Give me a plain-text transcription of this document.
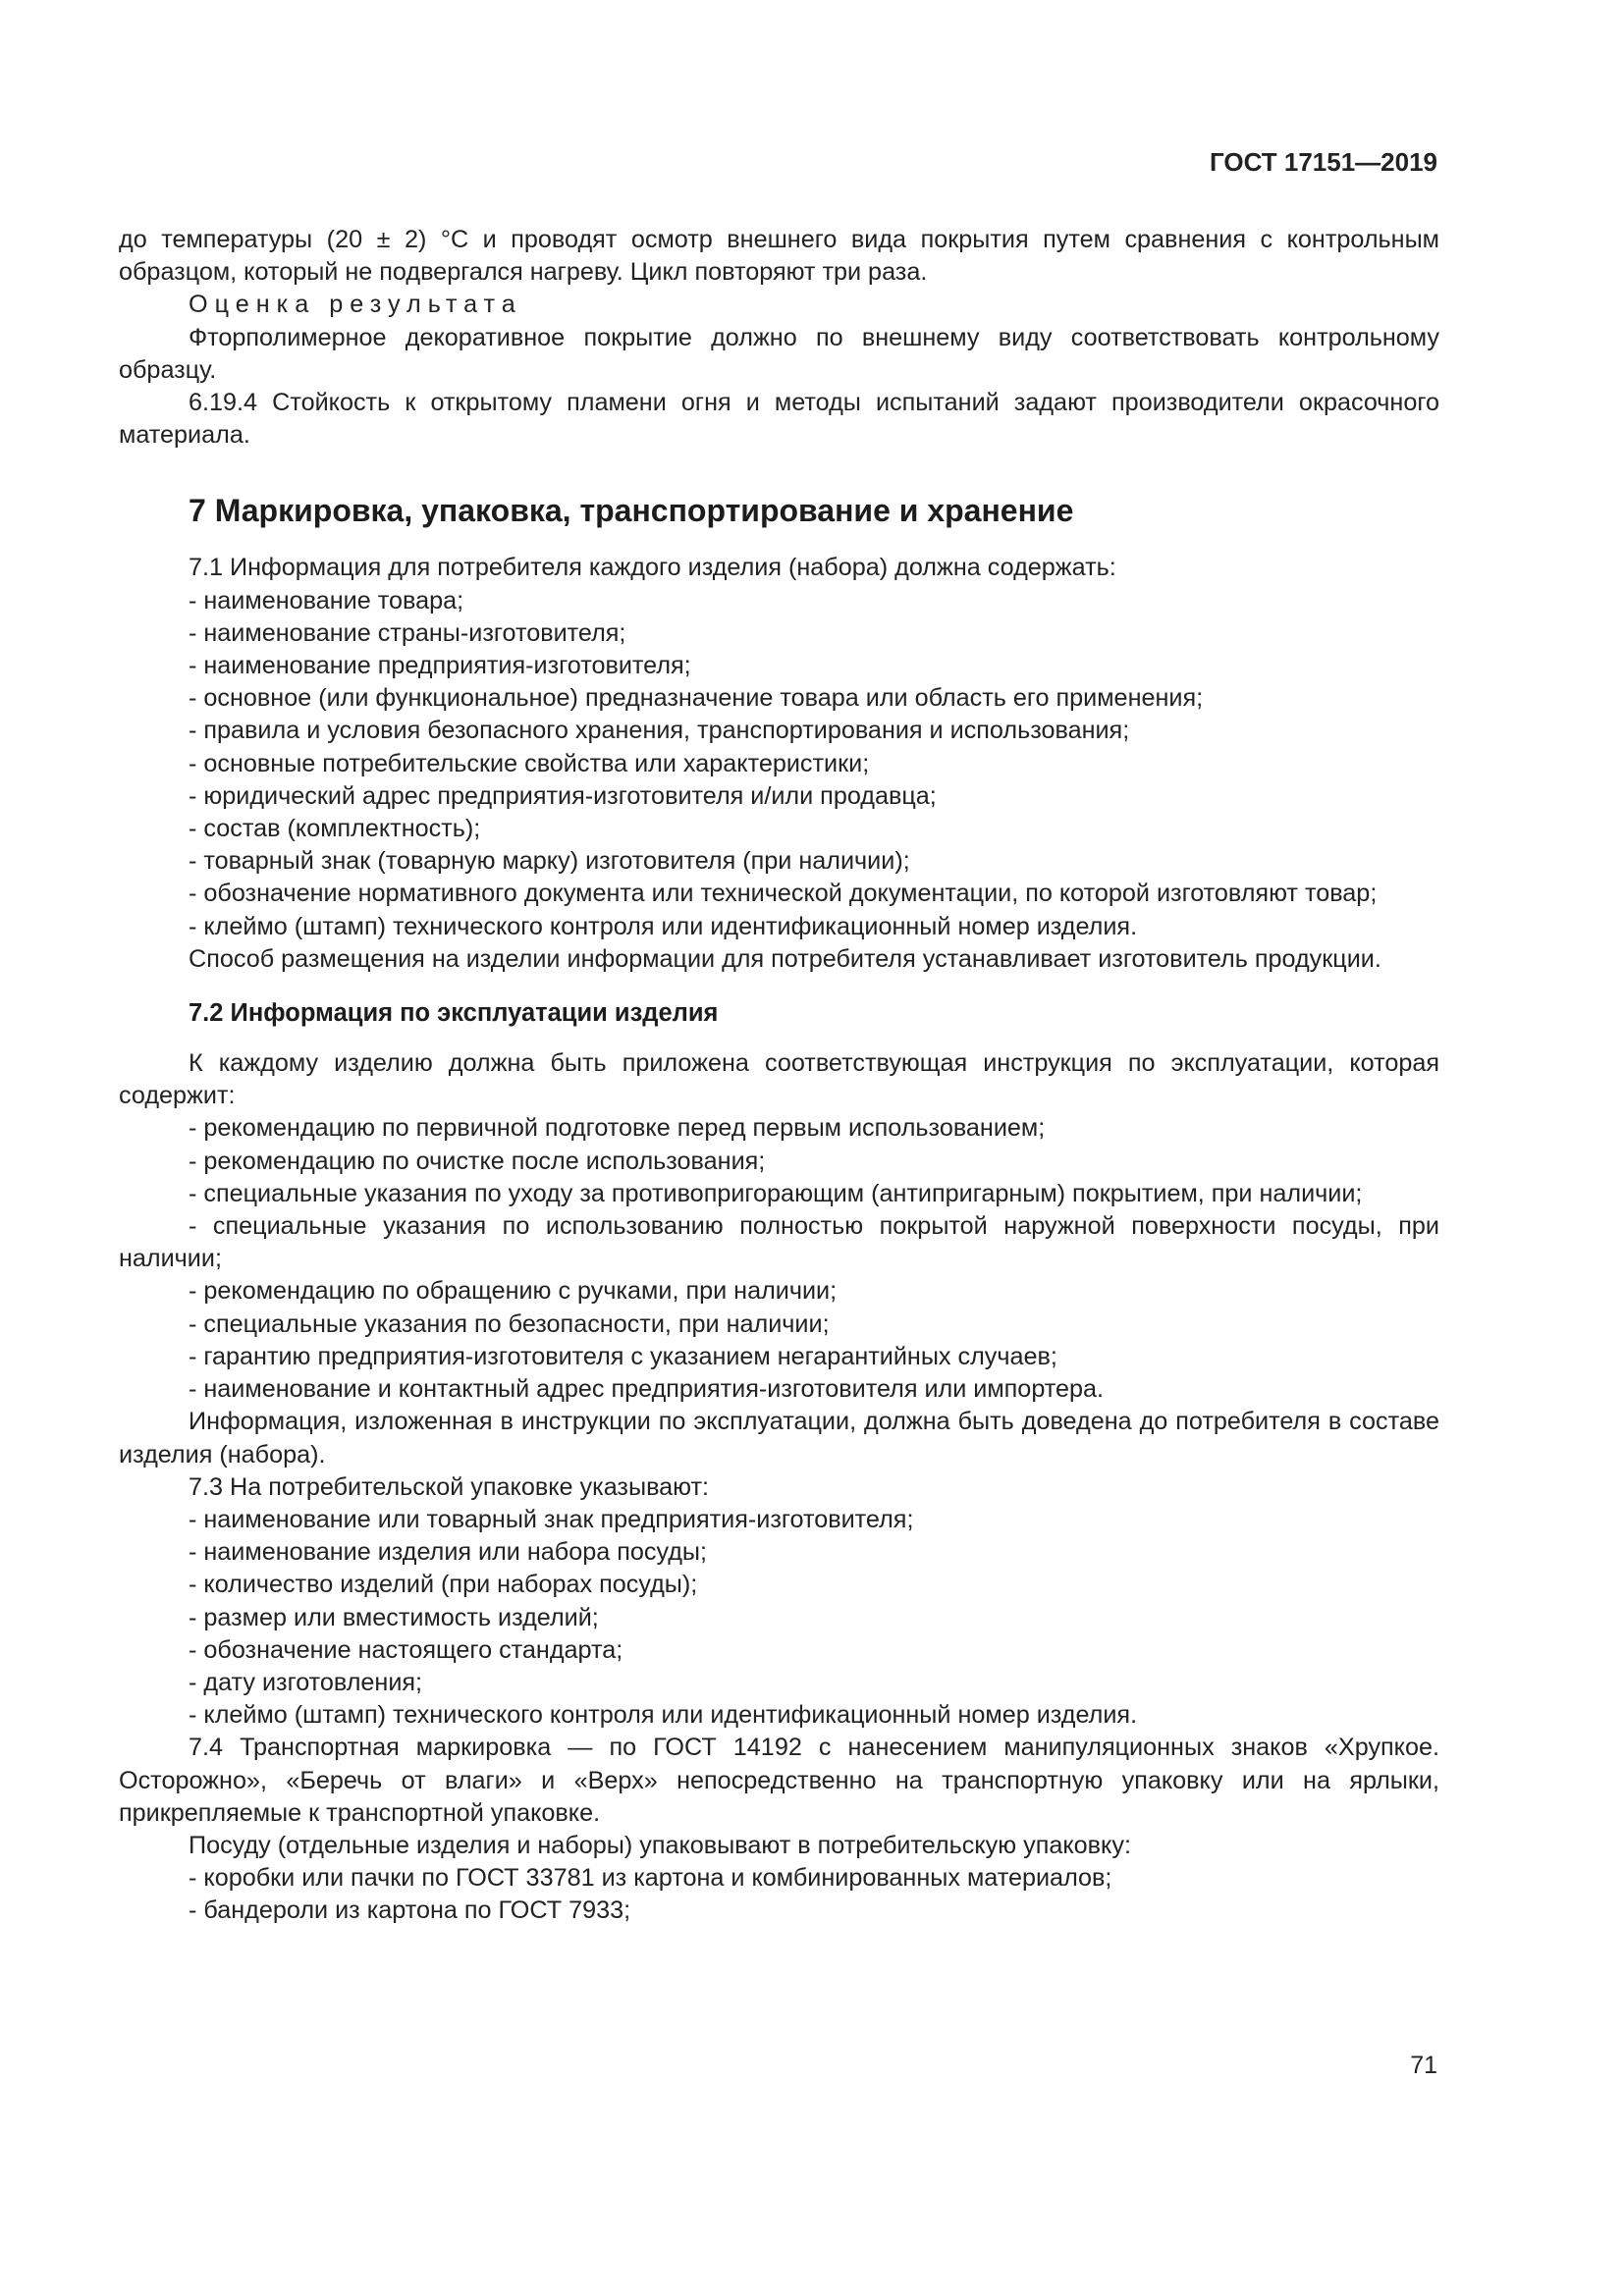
ГОСТ 17151—2019

до температуры (20 ± 2) °С и проводят осмотр внешнего вида покрытия путем сравнения с контрольным образцом, который не подвергался нагреву. Цикл повторяют три раза.

Оценка результата

Фторполимерное декоративное покрытие должно по внешнему виду соответствовать контрольному образцу.

6.19.4 Стойкость к открытому пламени огня и методы испытаний задают производители окрасочного материала.

7 Маркировка, упаковка, транспортирование и хранение

7.1 Информация для потребителя каждого изделия (набора) должна содержать:

- наименование товара;

- наименование страны-изготовителя;

- наименование предприятия-изготовителя;

- основное (или функциональное) предназначение товара или область его применения;

- правила и условия безопасного хранения, транспортирования и использования;

- основные потребительские свойства или характеристики;

- юридический адрес предприятия-изготовителя и/или продавца;

- состав (комплектность);

- товарный знак (товарную марку) изготовителя (при наличии);

- обозначение нормативного документа или технической документации, по которой изготовляют товар;

- клеймо (штамп) технического контроля или идентификационный номер изделия.

Способ размещения на изделии информации для потребителя устанавливает изготовитель продукции.

7.2 Информация по эксплуатации изделия

К каждому изделию должна быть приложена соответствующая инструкция по эксплуатации, которая содержит:

- рекомендацию по первичной подготовке перед первым использованием;

- рекомендацию по очистке после использования;

- специальные указания по уходу за противопригорающим (антипригарным) покрытием, при наличии;

- специальные указания по использованию полностью покрытой наружной поверхности посуды, при наличии;

- рекомендацию по обращению с ручками, при наличии;

- специальные указания по безопасности, при наличии;

- гарантию предприятия-изготовителя с указанием негарантийных случаев;

- наименование и контактный адрес предприятия-изготовителя или импортера.

Информация, изложенная в инструкции по эксплуатации, должна быть доведена до потребителя в составе изделия (набора).

7.3 На потребительской упаковке указывают:

- наименование или товарный знак предприятия-изготовителя;

- наименование изделия или набора посуды;

- количество изделий (при наборах посуды);

- размер или вместимость изделий;

- обозначение настоящего стандарта;

- дату изготовления;

- клеймо (штамп) технического контроля или идентификационный номер изделия.

7.4 Транспортная маркировка — по ГОСТ 14192 с нанесением манипуляционных знаков «Хрупкое. Осторожно», «Беречь от влаги» и «Верх» непосредственно на транспортную упаковку или на ярлыки, прикрепляемые к транспортной упаковке.

Посуду (отдельные изделия и наборы) упаковывают в потребительскую упаковку:

- коробки или пачки по ГОСТ 33781 из картона и комбинированных материалов;

- бандероли из картона по ГОСТ 7933;

71
